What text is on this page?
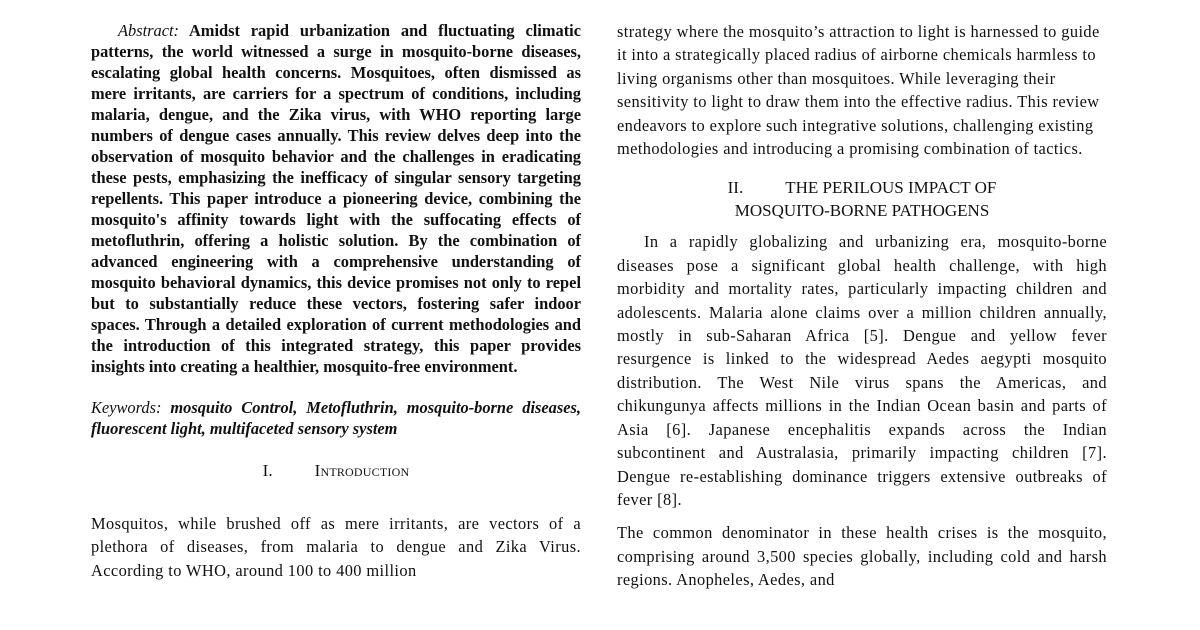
Abstract: Amidst rapid urbanization and fluctuating climatic patterns, the world witnessed a surge in mosquito-borne diseases, escalating global health concerns. Mosquitoes, often dismissed as mere irritants, are carriers for a spectrum of conditions, including malaria, dengue, and the Zika virus, with WHO reporting large numbers of dengue cases annually. This review delves deep into the observation of mosquito behavior and the challenges in eradicating these pests, emphasizing the inefficacy of singular sensory targeting repellents. This paper introduce a pioneering device, combining the mosquito's affinity towards light with the suffocating effects of metofluthrin, offering a holistic solution. By the combination of advanced engineering with a comprehensive understanding of mosquito behavioral dynamics, this device promises not only to repel but to substantially reduce these vectors, fostering safer indoor spaces. Through a detailed exploration of current methodologies and the introduction of this integrated strategy, this paper provides insights into creating a healthier, mosquito-free environment.

Keywords: mosquito Control, Metofluthrin, mosquito-borne diseases, fluorescent light, multifaceted sensory system

I. Introduction

Mosquitos, while brushed off as mere irritants, are vectors of a plethora of diseases, from malaria to dengue and Zika Virus. According to WHO, around 100 to 400 million

strategy where the mosquito’s attraction to light is harnessed to guide it into a strategically placed radius of airborne chemicals harmless to living organisms other than mosquitoes. While leveraging their sensitivity to light to draw them into the effective radius. This review endeavors to explore such integrative solutions, challenging existing methodologies and introducing a promising combination of tactics.

II. THE PERILOUS IMPACT OF
MOSQUITO-BORNE PATHOGENS

In a rapidly globalizing and urbanizing era, mosquito-borne diseases pose a significant global health challenge, with high morbidity and mortality rates, particularly impacting children and adolescents. Malaria alone claims over a million children annually, mostly in sub-Saharan Africa [5]. Dengue and yellow fever resurgence is linked to the widespread Aedes aegypti mosquito distribution. The West Nile virus spans the Americas, and chikungunya affects millions in the Indian Ocean basin and parts of Asia [6]. Japanese encephalitis expands across the Indian subcontinent and Australasia, primarily impacting children [7]. Dengue re-establishing dominance triggers extensive outbreaks of fever [8].

The common denominator in these health crises is the mosquito, comprising around 3,500 species globally, including cold and harsh regions. Anopheles, Aedes, and
